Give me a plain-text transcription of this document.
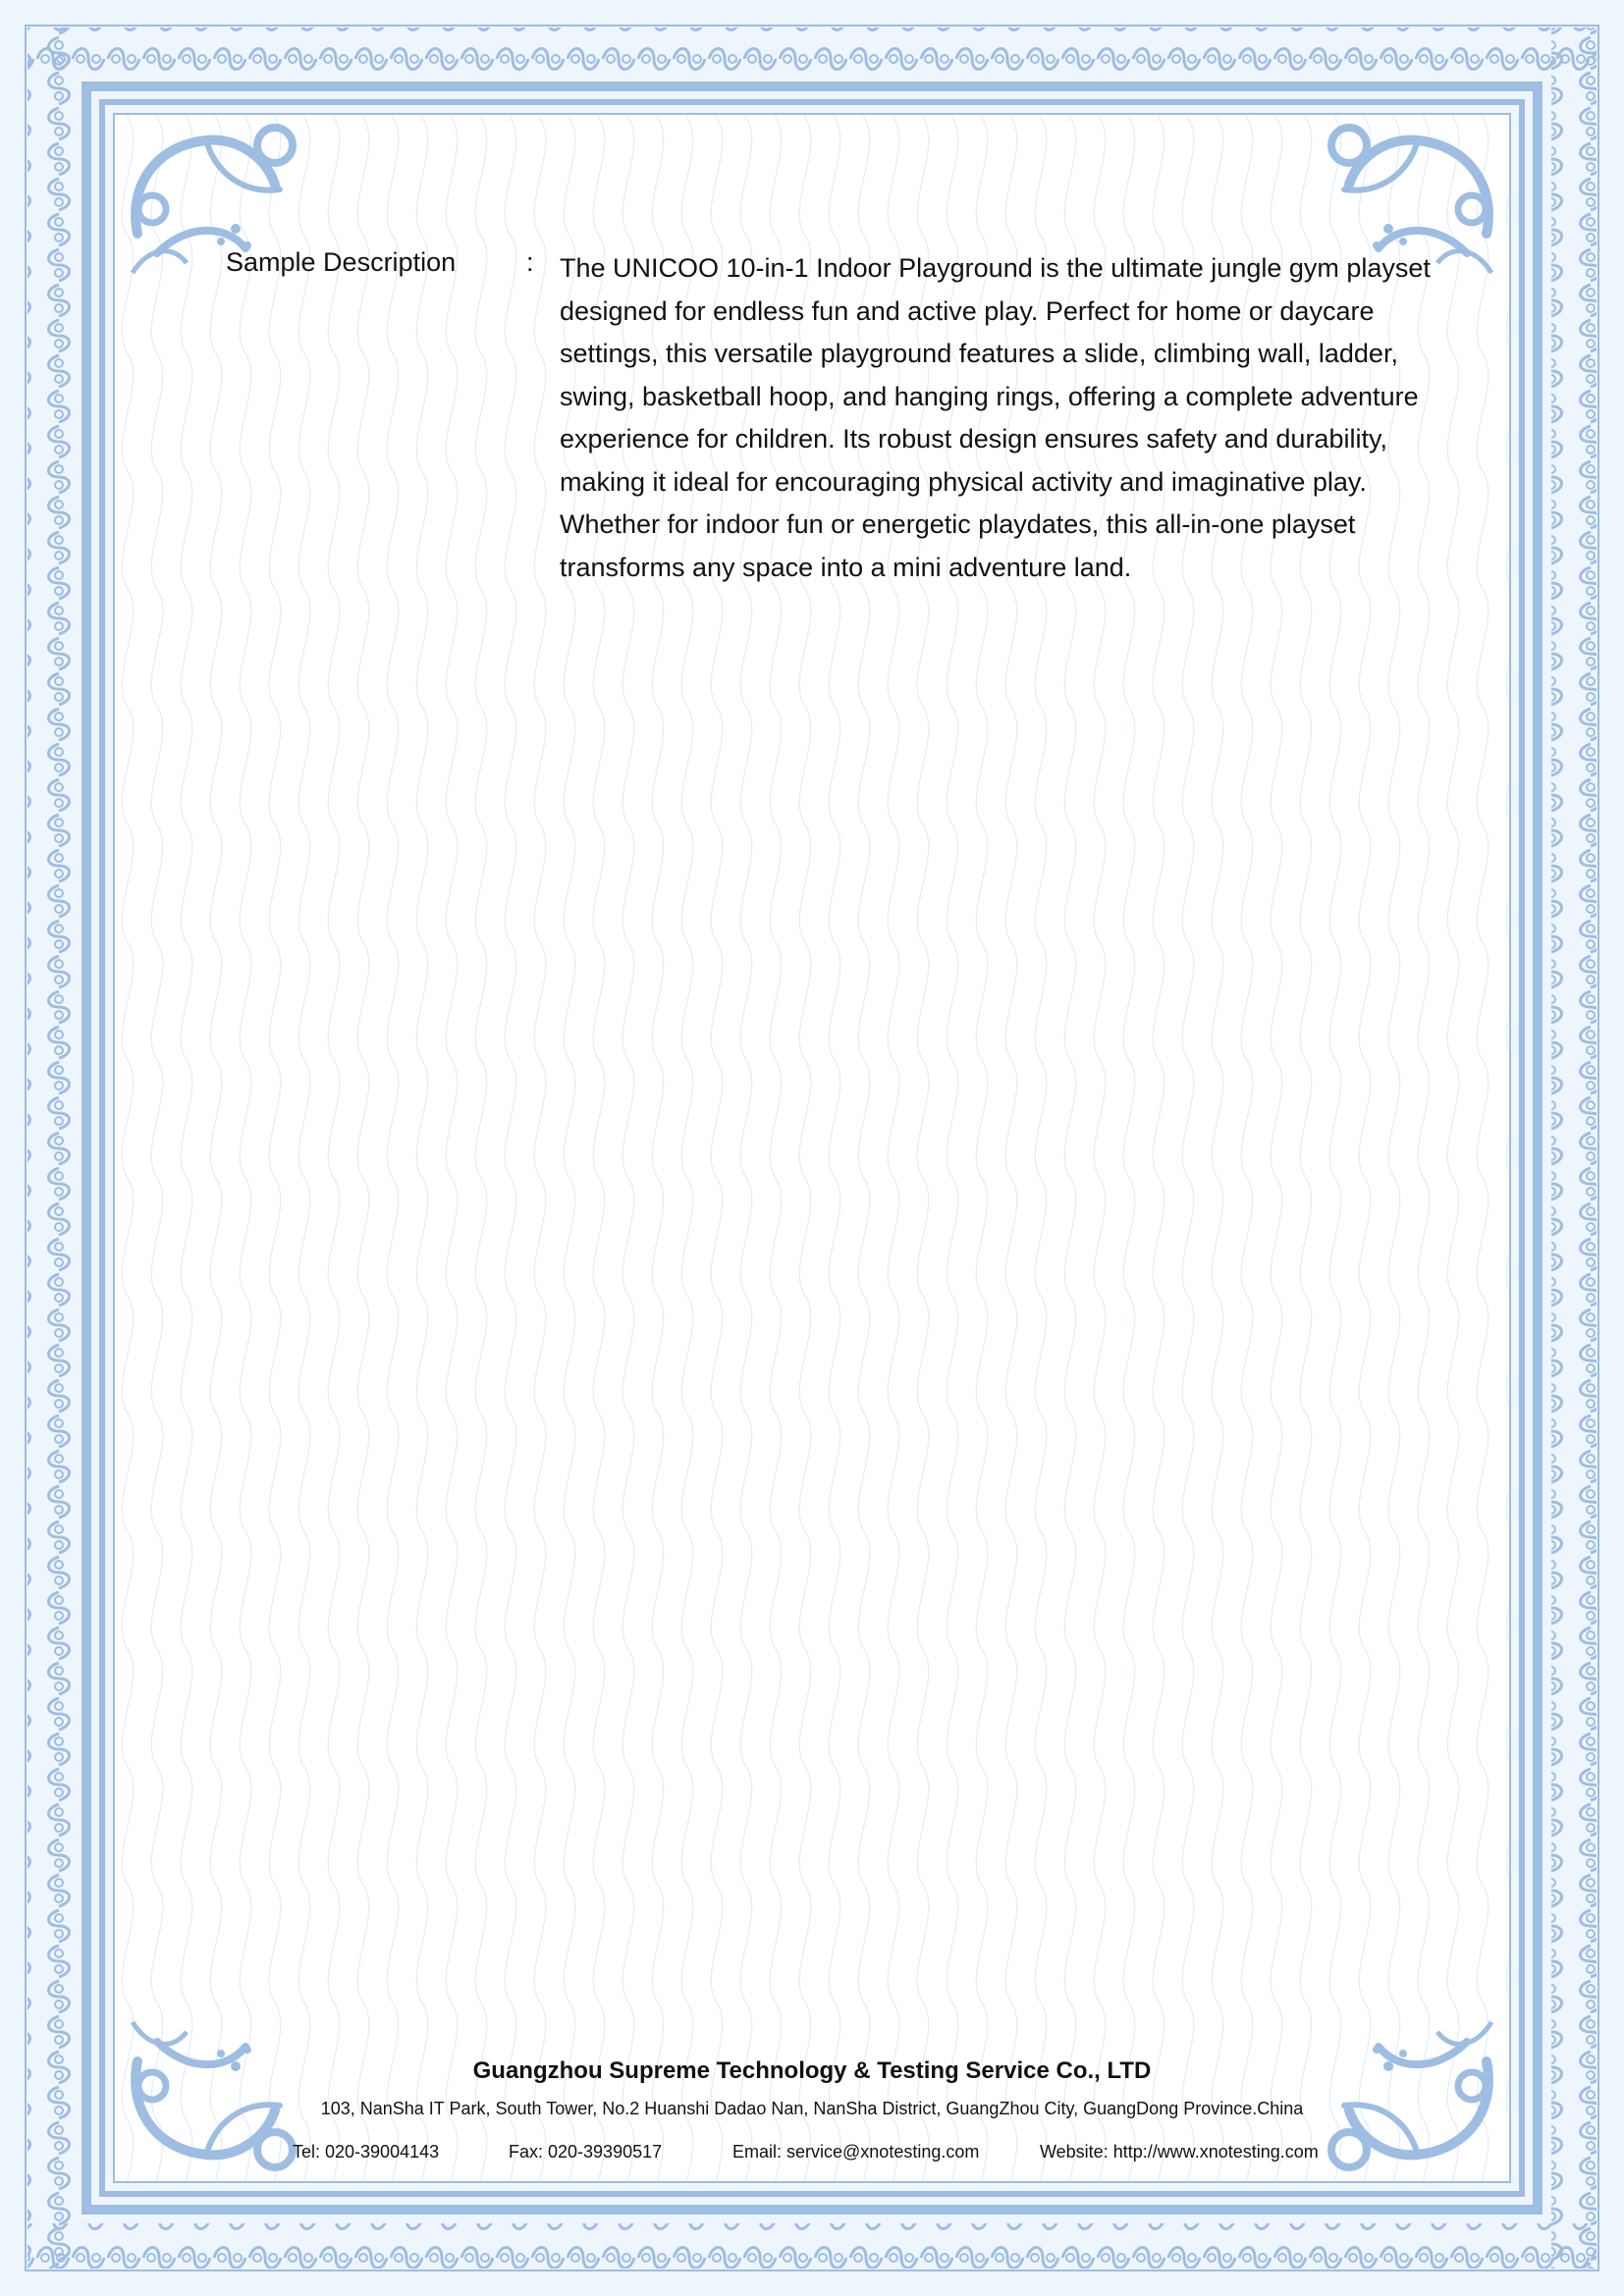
Sample Description	: The UNICOO 10-in-1 Indoor Playground is the ultimate jungle gym playset designed for endless fun and active play. Perfect for home or daycare settings, this versatile playground features a slide, climbing wall, ladder, swing, basketball hoop, and hanging rings, offering a complete adventure experience for children. Its robust design ensures safety and durability, making it ideal for encouraging physical activity and imaginative play. Whether for indoor fun or energetic playdates, this all-in-one playset transforms any space into a mini adventure land.

Guangzhou Supreme Technology & Testing Service Co., LTD

103, NanSha IT Park, South Tower, No.2 Huanshi Dadao Nan, NanSha District, GuangZhou City, GuangDong Province.China

Tel: 020-39004143	Fax: 020-39390517	Email: service@xnotesting.com	Website: http://www.xnotesting.com
